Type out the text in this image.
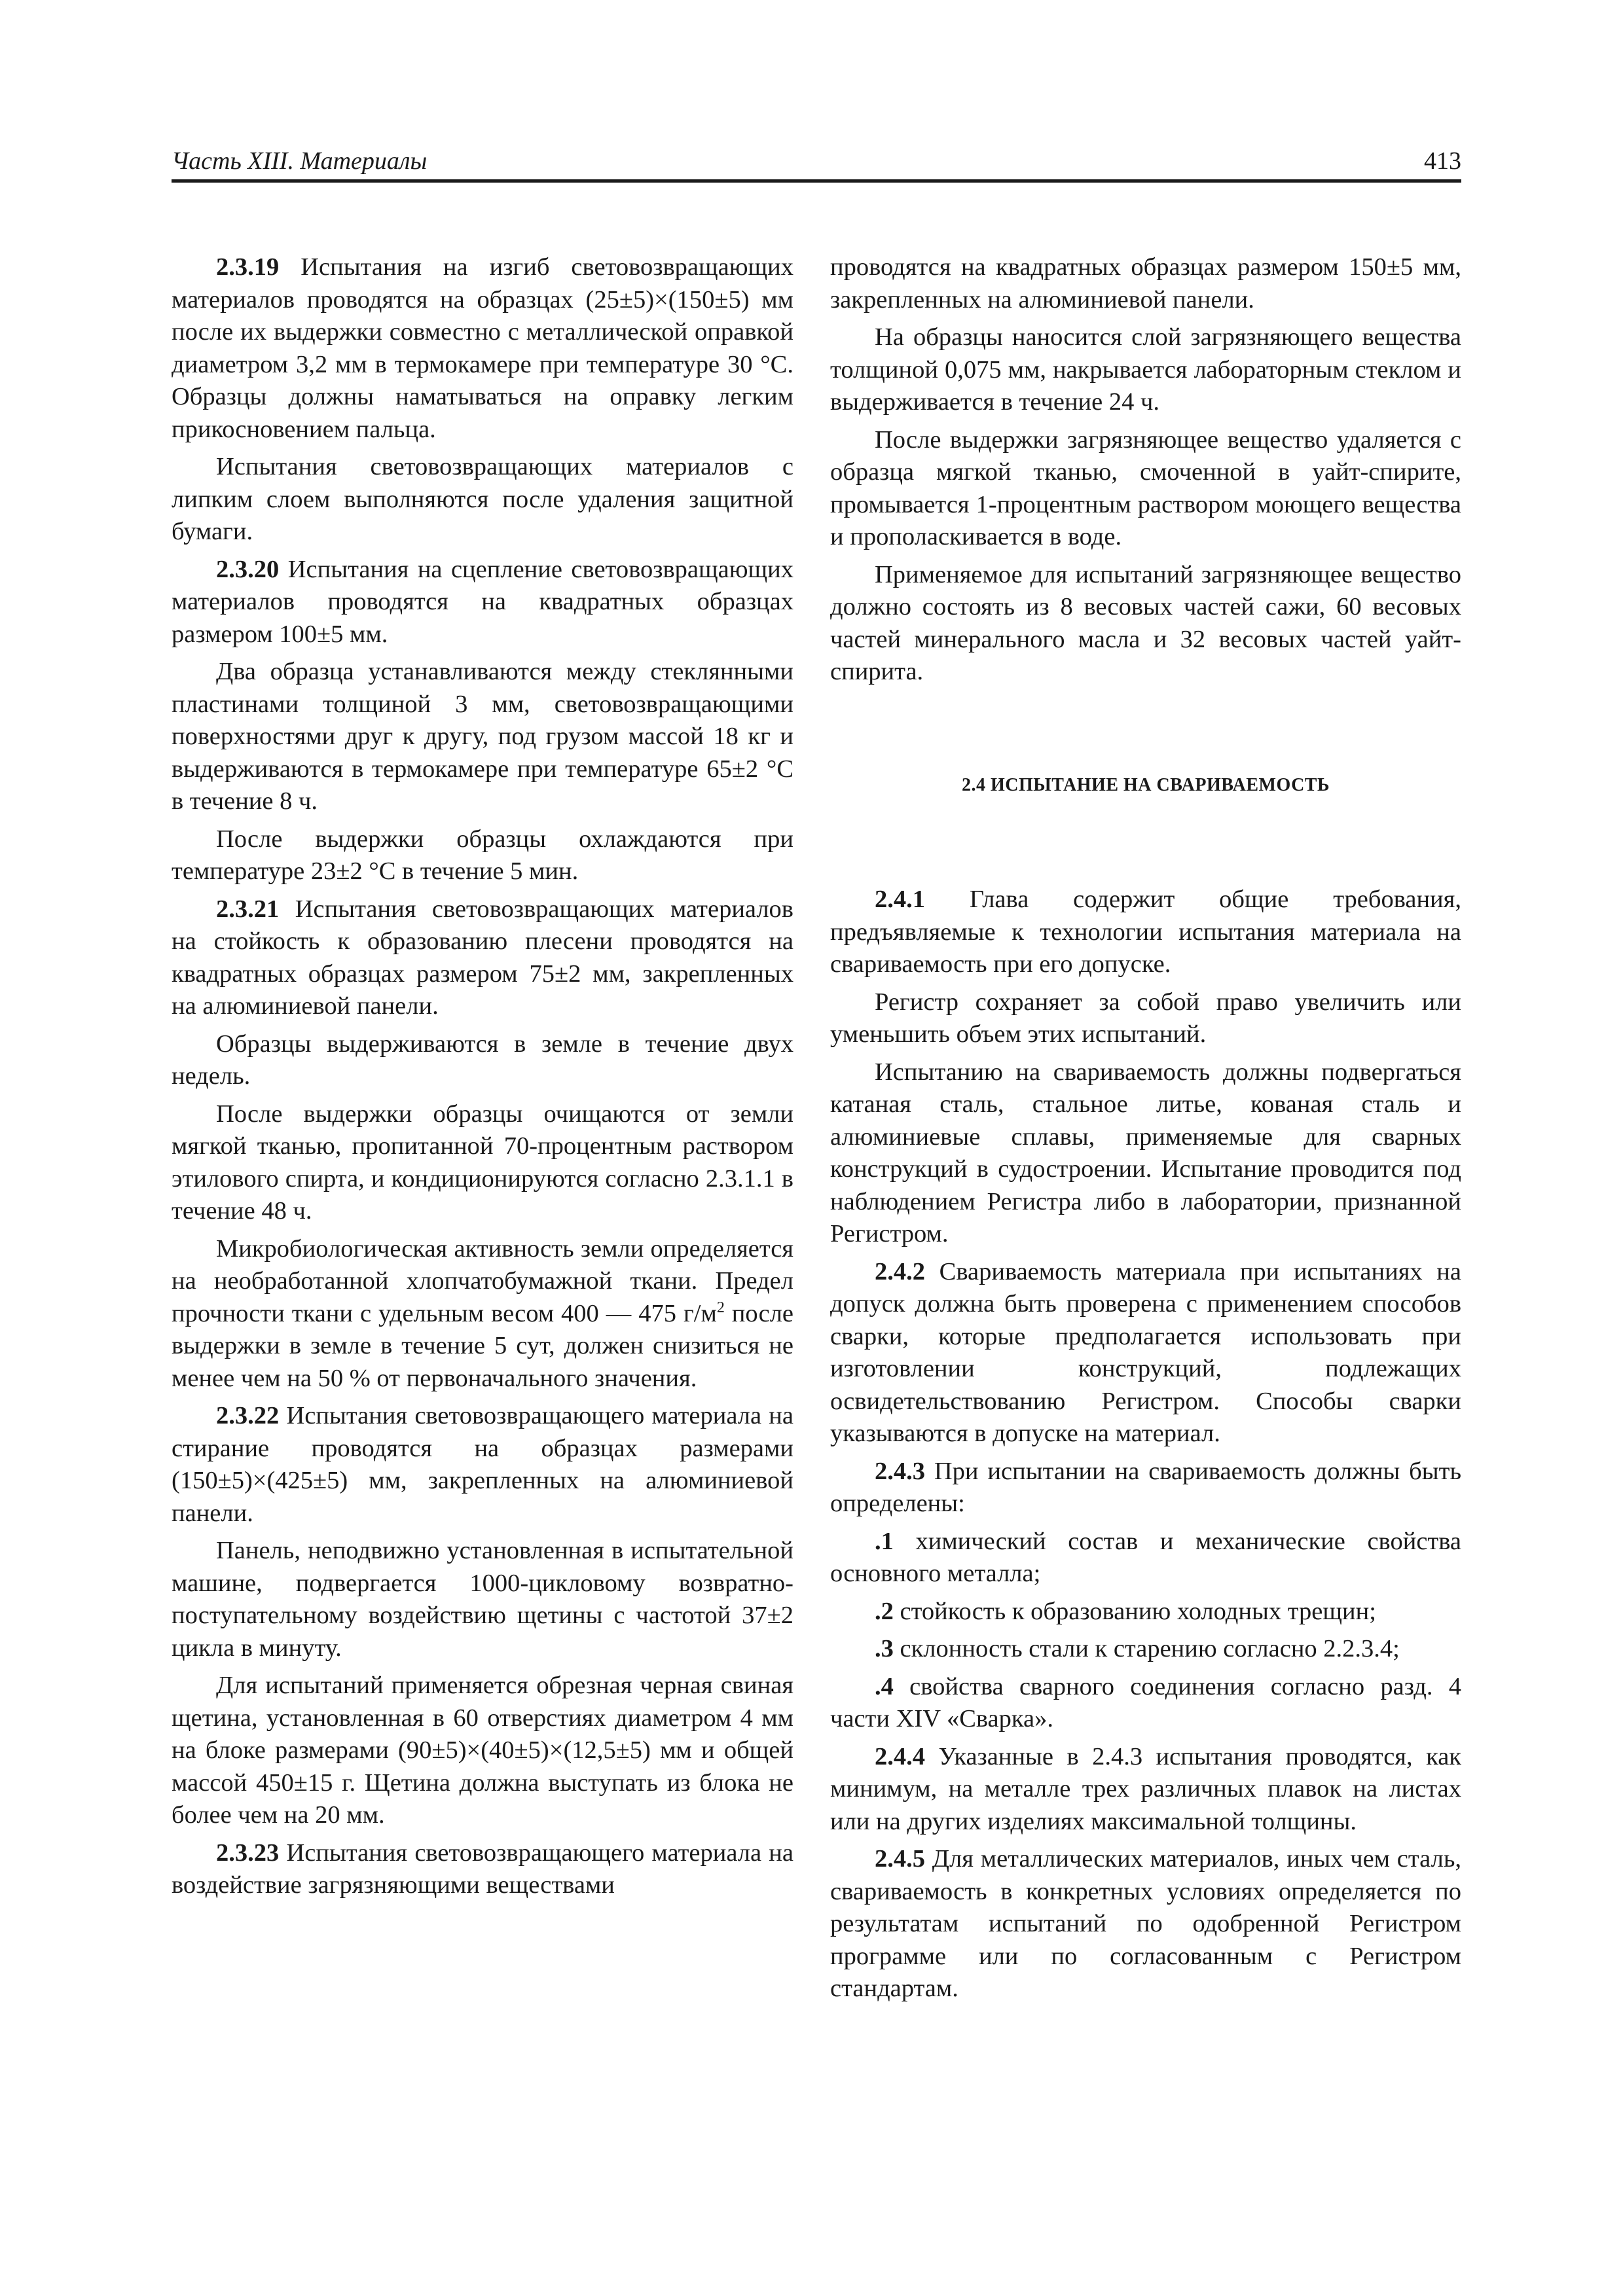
Часть XIII. Материалы	413

2.3.19 Испытания на изгиб световозвращающих материалов проводятся на образцах (25±5)×(150±5) мм после их выдержки совместно с металлической оправкой диаметром 3,2 мм в термокамере при температуре 30 °С. Образцы должны наматываться на оправку легким прикосновением пальца.

Испытания световозвращающих материалов с липким слоем выполняются после удаления защитной бумаги.

2.3.20 Испытания на сцепление световозвращающих материалов проводятся на квадратных образцах размером 100±5 мм.

Два образца устанавливаются между стеклянными пластинами толщиной 3 мм, световозвращающими поверхностями друг к другу, под грузом массой 18 кг и выдерживаются в термокамере при температуре 65±2 °С в течение 8 ч.

После выдержки образцы охлаждаются при температуре 23±2 °С в течение 5 мин.

2.3.21 Испытания световозвращающих материалов на стойкость к образованию плесени проводятся на квадратных образцах размером 75±2 мм, закрепленных на алюминиевой панели.

Образцы выдерживаются в земле в течение двух недель.

После выдержки образцы очищаются от земли мягкой тканью, пропитанной 70-процентным раствором этилового спирта, и кондиционируются согласно 2.3.1.1 в течение 48 ч.

Микробиологическая активность земли определяется на необработанной хлопчатобумажной ткани. Предел прочности ткани с удельным весом 400 — 475 $г/м^2$ после выдержки в земле в течение 5 сут, должен снизиться не менее чем на 50 % от первоначального значения.

2.3.22 Испытания световозвращающего материала на стирание проводятся на образцах размерами (150±5)×(425±5) мм, закрепленных на алюминиевой панели.

Панель, неподвижно установленная в испытательной машине, подвергается 1000-цикловому возвратно-поступательному воздействию щетины с частотой 37±2 цикла в минуту.

Для испытаний применяется обрезная черная свиная щетина, установленная в 60 отверстиях диаметром 4 мм на блоке размерами (90±5)×(40±5)×(12,5±5) мм и общей массой 450±15 г. Щетина должна выступать из блока не более чем на 20 мм.

2.3.23 Испытания световозвращающего материала на воздействие загрязняющими веществами

проводятся на квадратных образцах размером 150±5 мм, закрепленных на алюминиевой панели.

На образцы наносится слой загрязняющего вещества толщиной 0,075 мм, накрывается лабораторным стеклом и выдерживается в течение 24 ч.

После выдержки загрязняющее вещество удаляется с образца мягкой тканью, смоченной в уайт-спирите, промывается 1-процентным раствором моющего вещества и прополаскивается в воде.

Применяемое для испытаний загрязняющее вещество должно состоять из 8 весовых частей сажи, 60 весовых частей минерального масла и 32 весовых частей уайт-спирита.

2.4 ИСПЫТАНИЕ НА СВАРИВАЕМОСТЬ

2.4.1 Глава содержит общие требования, предъявляемые к технологии испытания материала на свариваемость при его допуске.

Регистр сохраняет за собой право увеличить или уменьшить объем этих испытаний.

Испытанию на свариваемость должны подвергаться катаная сталь, стальное литье, кованая сталь и алюминиевые сплавы, применяемые для сварных конструкций в судостроении. Испытание проводится под наблюдением Регистра либо в лаборатории, признанной Регистром.

2.4.2 Свариваемость материала при испытаниях на допуск должна быть проверена с применением способов сварки, которые предполагается использовать при изготовлении конструкций, подлежащих освидетельствованию Регистром. Способы сварки указываются в допуске на материал.

2.4.3 При испытании на свариваемость должны быть определены:

.1 химический состав и механические свойства основного металла;

.2 стойкость к образованию холодных трещин;

.3 склонность стали к старению согласно 2.2.3.4;

.4 свойства сварного соединения согласно разд. 4 части XIV «Сварка».

2.4.4 Указанные в 2.4.3 испытания проводятся, как минимум, на металле трех различных плавок на листах или на других изделиях максимальной толщины.

2.4.5 Для металлических материалов, иных чем сталь, свариваемость в конкретных условиях определяется по результатам испытаний по одобренной Регистром программе или по согласованным с Регистром стандартам.
